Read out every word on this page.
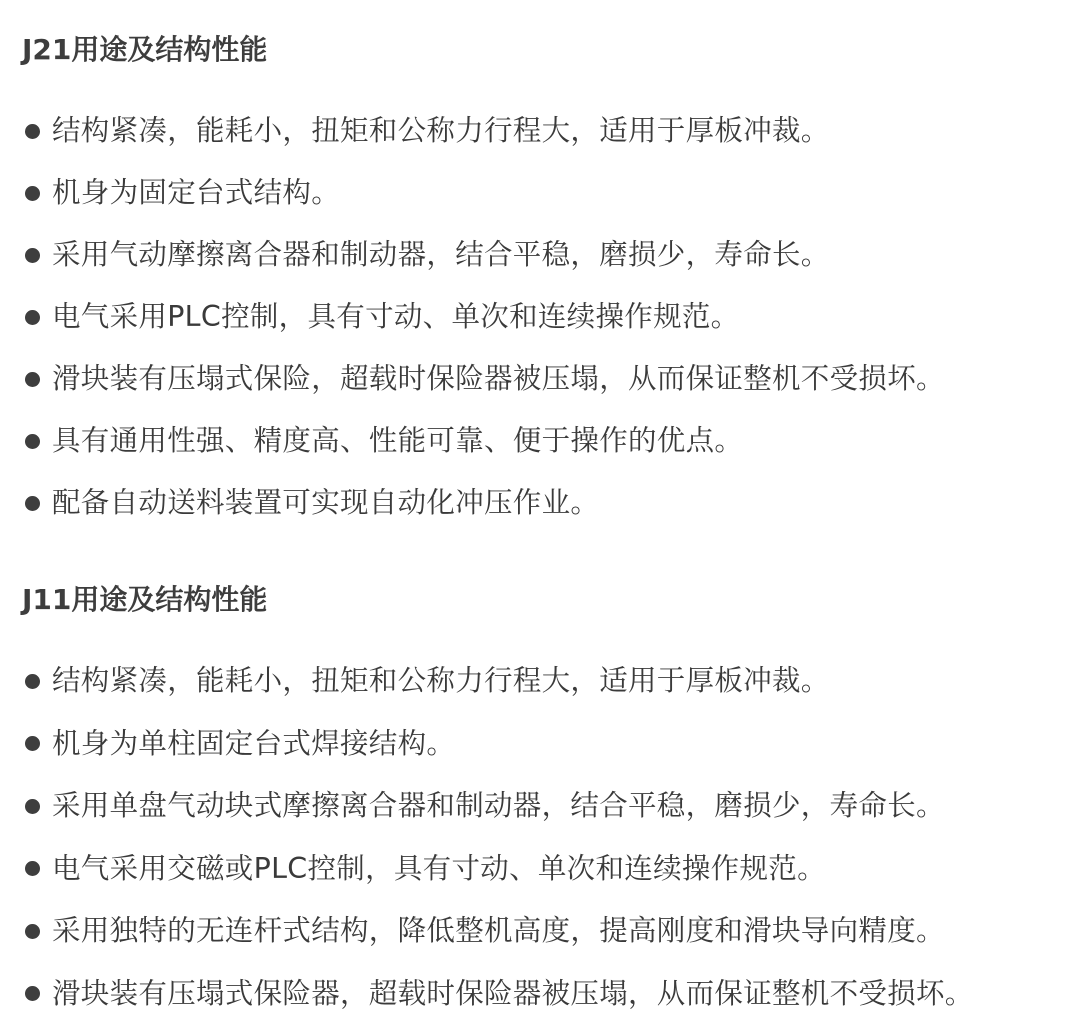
J21用途及结构性能
结构紧凑，能耗小，扭矩和公称力行程大，适用于厚板冲裁。
机身为固定台式结构。
采用气动摩擦离合器和制动器，结合平稳，磨损少，寿命长。
电气采用PLC控制，具有寸动、单次和连续操作规范。
滑块装有压塌式保险，超载时保险器被压塌，从而保证整机不受损坏。
具有通用性强、精度高、性能可靠、便于操作的优点。
配备自动送料装置可实现自动化冲压作业。
J11用途及结构性能
结构紧凑，能耗小，扭矩和公称力行程大，适用于厚板冲裁。
机身为单柱固定台式焊接结构。
采用单盘气动块式摩擦离合器和制动器，结合平稳，磨损少，寿命长。
电气采用交磁或PLC控制，具有寸动、单次和连续操作规范。
采用独特的无连杆式结构，降低整机高度，提高刚度和滑块导向精度。
滑块装有压塌式保险器，超载时保险器被压塌，从而保证整机不受损坏。
